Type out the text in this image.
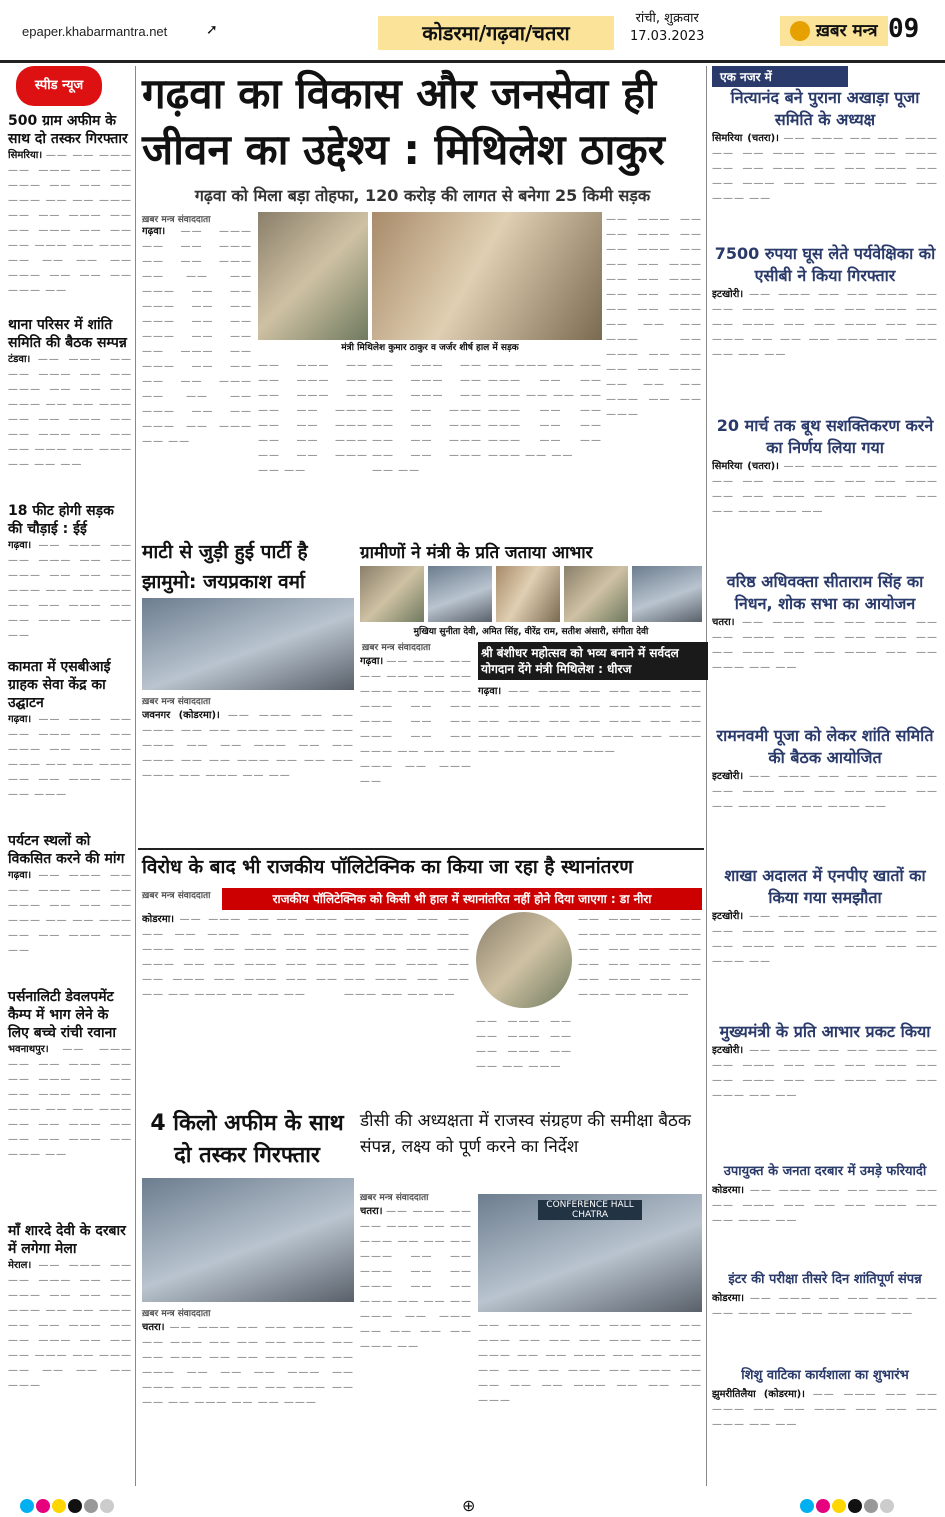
epaper.khabarmantra.net	➚	कोडरमा/गढ़वा/चतरा
रांची, शुक्रवार
17.03.2023	ख़बर मन्त्र 09
स्पीड न्यूज
500 ग्राम अफीम के साथ दो तस्कर गिरफ्तार

सिमरिया। —— —— ——— —— ——— —— —— ——— —— —— —— ——— —— —— ——— —— —— ——— —— —— ——— —— —— —— ——— —— ——— —— —— —— —— ——— —— —— —— ——— ——

थाना परिसर में शांति समिति की बैठक सम्पन्न

टंडवा। —— ——— —— —— ——— —— —— ——— —— —— —— ——— —— —— ——— —— —— ——— —— —— ——— —— —— —— ——— —— ——— —— —— ——

18 फीट होगी सड़क की चौड़ाई : ईई

गढ़वा। —— ——— —— —— ——— —— —— ——— —— —— —— ——— —— —— ——— —— —— ——— —— —— ——— —— —— ——

कामता में एसबीआई ग्राहक सेवा केंद्र का उद्घाटन

गढ़वा। —— ——— —— —— ——— —— —— ——— —— —— —— ——— —— —— ——— —— —— ——— —— —— ———

पर्यटन स्थलों को विकसित करने की मांग

गढ़वा। —— ——— —— —— ——— —— —— ——— —— —— —— ——— —— —— ——— —— —— ——— —— ——

पर्सनालिटी डेवलपमेंट कैम्प में भाग लेने के लिए बच्चे रांची रवाना

भवनाथपुर। —— ——— —— —— ——— —— —— ——— —— —— —— ——— —— —— ——— —— —— ——— —— —— ——— —— —— —— ——— —— ——— ——

माँ शारदे देवी के दरबार में लगेगा मेला

मेराल। —— ——— —— —— ——— —— —— ——— —— —— —— ——— —— —— ——— —— —— ——— —— —— ——— —— —— —— ——— —— ——— —— —— —— —— ———

गढ़वा का विकास और जनसेवा ही जीवन का उद्देश्य : मिथिलेश ठाकुर
गढ़वा को मिला बड़ा तोहफा, 120 करोड़ की लागत से बनेगा 25 किमी सड़क
ख़बर मन्त्र संवाददाता

गढ़वा। —— ——— —— —— ——— —— —— ——— —— —— —— ——— —— —— ——— —— —— ——— —— —— ——— —— —— —— ——— —— ——— —— —— —— —— ——— —— —— —— ——— —— —— ——— —— ——— —— ——

मंत्री मिथिलेश कुमार ठाकुर व जर्जर शीर्ष हाल में सड़क

—— ——— —— —— ——— —— —— ——— —— —— —— ——— —— —— ——— —— —— ——— —— —— ——— —— ——

—— ——— —— —— ——— —— —— ——— —— —— —— ——— —— —— ——— —— —— ——— —— —— ——— —— ——

—— ——— —— —— ——— —— —— ——— —— —— —— ——— —— —— ——— —— —— ——— —— —— ——— —— ——

—— ——— —— —— ——— —— —— ——— —— —— —— ——— —— —— ——— —— —— ——— —— —— ——— —— —— —— ——— —— ——— —— —— —— —— ——— —— —— —— ——— —— —— ———

माटी से जुड़ी हुई पार्टी है
झामुमो: जयप्रकाश वर्मा
ख़बर मन्त्र संवाददाता

जवनगर (कोडरमा)। —— ——— —— —— ——— —— —— ——— —— —— —— ——— —— —— ——— —— —— ——— —— —— ——— —— —— —— ——— —— ——— —— ——

ग्रामीणों ने मंत्री के प्रति जताया आभार
मुखिया सुनीता देवी, अमित सिंह, वीरेंद्र राम, सतीश अंसारी, संगीता देवी
ख़बर मन्त्र संवाददाता

गढ़वा। —— ——— —— —— ——— —— —— ——— —— —— —— ——— —— —— ——— —— —— ——— —— —— ——— —— —— —— ——— —— ——— ——

श्री बंशीधर महोत्सव को भव्य बनाने में सर्वदल योगदान देंगे मंत्री मिथिलेश : धीरज

गढ़वा। —— ——— —— —— ——— —— —— ——— —— —— —— ——— —— —— ——— —— —— ——— —— —— ——— —— —— —— ——— —— ——— —— —— —— —— ———

विरोध के बाद भी राजकीय पॉलिटेक्निक का किया जा रहा है स्थानांतरण
राजकीय पॉलिटेक्निक को किसी भी हाल में स्थानांतरित नहीं होने दिया जाएगा : डा नीरा
ख़बर मन्त्र संवाददाता

कोडरमा। —— ——— —— —— ——— —— —— ——— —— —— —— ——— —— —— ——— —— —— ——— —— —— ——— —— —— —— ——— —— ——— —— —— —— —— ——— —— —— ——

—— ——— —— —— ——— —— —— ——— —— —— —— ——— —— —— ——— —— —— ——— —— —— ——— —— —— ——

—— ——— —— —— ——— —— —— ——— —— —— —— ———

—— ——— —— —— ——— —— —— ——— —— —— —— ——— —— —— ——— —— —— ——— —— —— ——— —— —— ——

4 किलो अफीम के साथ दो तस्कर गिरफ्तार
ख़बर मन्त्र संवाददाता

चतरा। —— ——— —— —— ——— —— —— ——— —— —— —— ——— —— —— ——— —— —— ——— —— —— ——— —— —— —— ——— —— ——— —— —— —— —— ——— —— —— —— ——— —— —— ———

डीसी की अध्यक्षता में राजस्व संग्रहण की समीक्षा बैठक संपन्न, लक्ष्य को पूर्ण करने का निर्देश
ख़बर मन्त्र संवाददाता

चतरा। —— ——— —— —— ——— —— —— ——— —— —— —— ——— —— —— ——— —— —— ——— —— —— ——— —— —— —— ——— —— ——— —— —— —— —— ——— ——

CONFERENCE HALL CHATRA

—— ——— —— —— ——— —— —— ——— —— —— —— ——— —— —— ——— —— —— ——— —— —— ——— —— —— —— ——— —— ——— —— —— —— —— ——— —— —— —— ———

एक नजर में
नित्यानंद बने पुराना अखाड़ा पूजा समिति के अध्यक्ष

सिमरिया (चतरा)। —— ——— —— —— ——— —— —— ——— —— —— —— ——— —— —— ——— —— —— ——— —— —— ——— —— —— —— ——— —— ——— ——

7500 रुपया घूस लेते पर्यवेक्षिका को एसीबी ने किया गिरफ्तार

इटखोरी। —— ——— —— —— ——— —— —— ——— —— —— —— ——— —— —— ——— —— —— ——— —— —— ——— —— —— —— ——— —— ——— —— —— ——

20 मार्च तक बूथ सशक्तिकरण करने का निर्णय लिया गया

सिमरिया (चतरा)। —— ——— —— —— ——— —— —— ——— —— —— —— ——— —— —— ——— —— —— ——— —— —— ——— —— ——

वरिष्ठ अधिवक्ता सीताराम सिंह का निधन, शोक सभा का आयोजन

चतरा। —— ——— —— —— ——— —— —— ——— —— —— —— ——— —— —— ——— —— —— ——— —— —— ——— —— ——

रामनवमी पूजा को लेकर शांति समिति की बैठक आयोजित

इटखोरी। —— ——— —— —— ——— —— —— ——— —— —— —— ——— —— —— ——— —— —— ——— ——

शाखा अदालत में एनपीए खातों का किया गया समझौता

इटखोरी। —— ——— —— —— ——— —— —— ——— —— —— —— ——— —— —— ——— —— —— ——— —— —— ——— ——

मुख्यमंत्री के प्रति आभार प्रकट किया

इटखोरी। —— ——— —— —— ——— —— —— ——— —— —— —— ——— —— —— ——— —— —— ——— —— —— ——— —— ——

उपायुक्त के जनता दरबार में उमड़े फरियादी

कोडरमा। —— ——— —— —— ——— —— —— ——— —— —— —— ——— —— —— ——— ——

इंटर की परीक्षा तीसरे दिन शांतिपूर्ण संपन्न

कोडरमा। —— ——— —— —— ——— —— —— ——— —— —— —— ——— ——

शिशु वाटिका कार्यशाला का शुभारंभ

झुमरीतिलैया (कोडरमा)। —— ——— —— —— ——— —— —— ——— —— —— —— ——— —— ——

⊕
